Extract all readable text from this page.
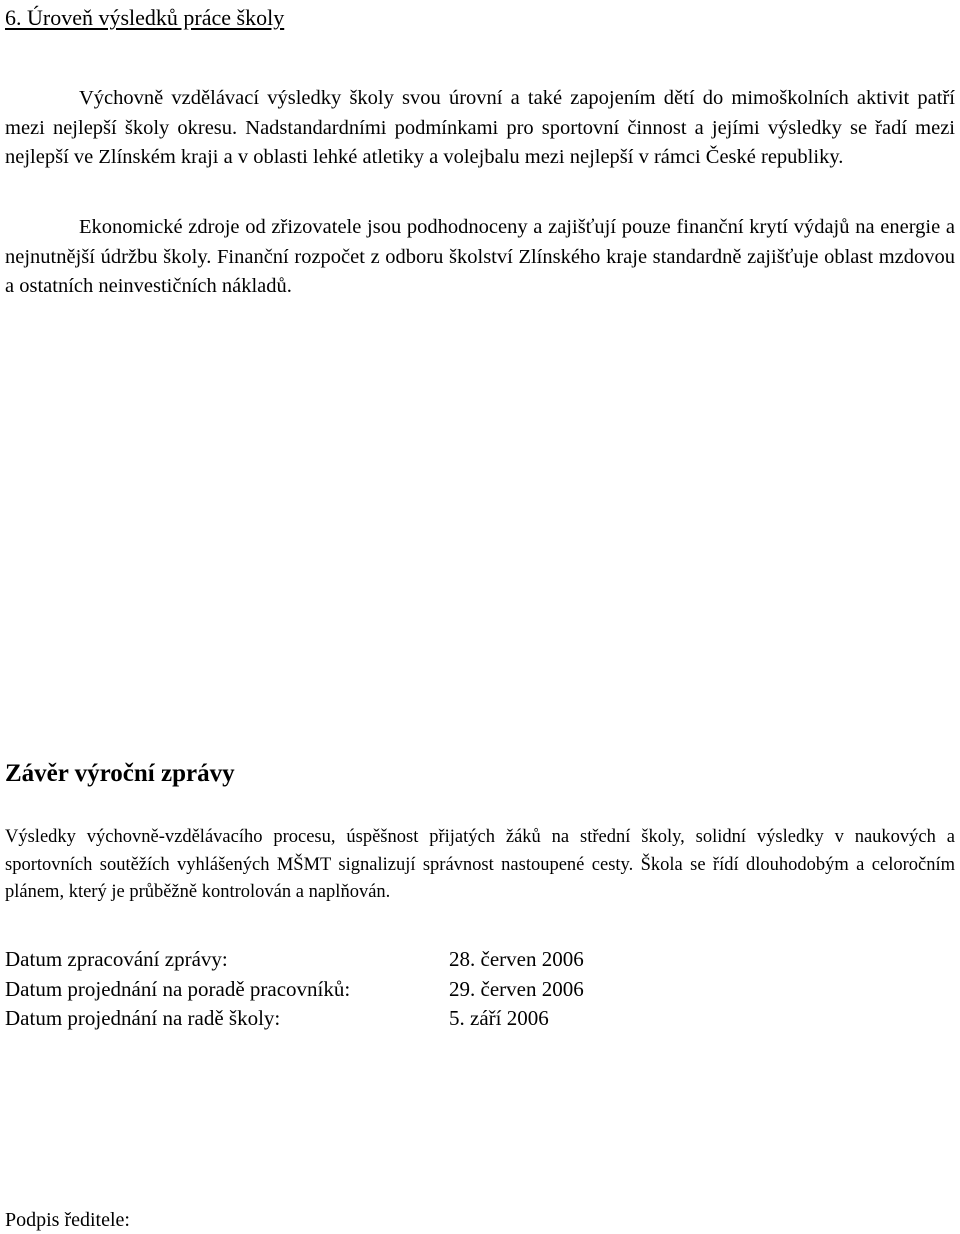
6. Úroveň výsledků práce školy

Výchovně vzdělávací výsledky školy svou úrovní a také zapojením dětí do mimoškolních aktivit patří mezi nejlepší školy okresu. Nadstandardními podmínkami pro sportovní činnost a jejími výsledky se řadí mezi nejlepší ve Zlínském kraji a v oblasti lehké atletiky a volejbalu mezi nejlepší v rámci České republiky.

Ekonomické zdroje od zřizovatele jsou podhodnoceny a zajišťují pouze finanční krytí výdajů na energie a nejnutnější údržbu školy. Finanční rozpočet z odboru školství Zlínského kraje standardně zajišťuje oblast mzdovou a ostatních neinvestičních nákladů.

Závěr výroční zprávy
Výsledky výchovně-vzdělávacího procesu, úspěšnost přijatých žáků na střední školy, solidní výsledky v naukových a sportovních soutěžích vyhlášených MŠMT signalizují správnost nastoupené cesty. Škola se řídí dlouhodobým a celoročním plánem, který je průběžně kontrolován a naplňován.
Datum zpracování zprávy:	28. červen 2006
Datum projednání na poradě pracovníků:	29. červen 2006
Datum projednání na radě školy:	5. září 2006
Podpis ředitele:
